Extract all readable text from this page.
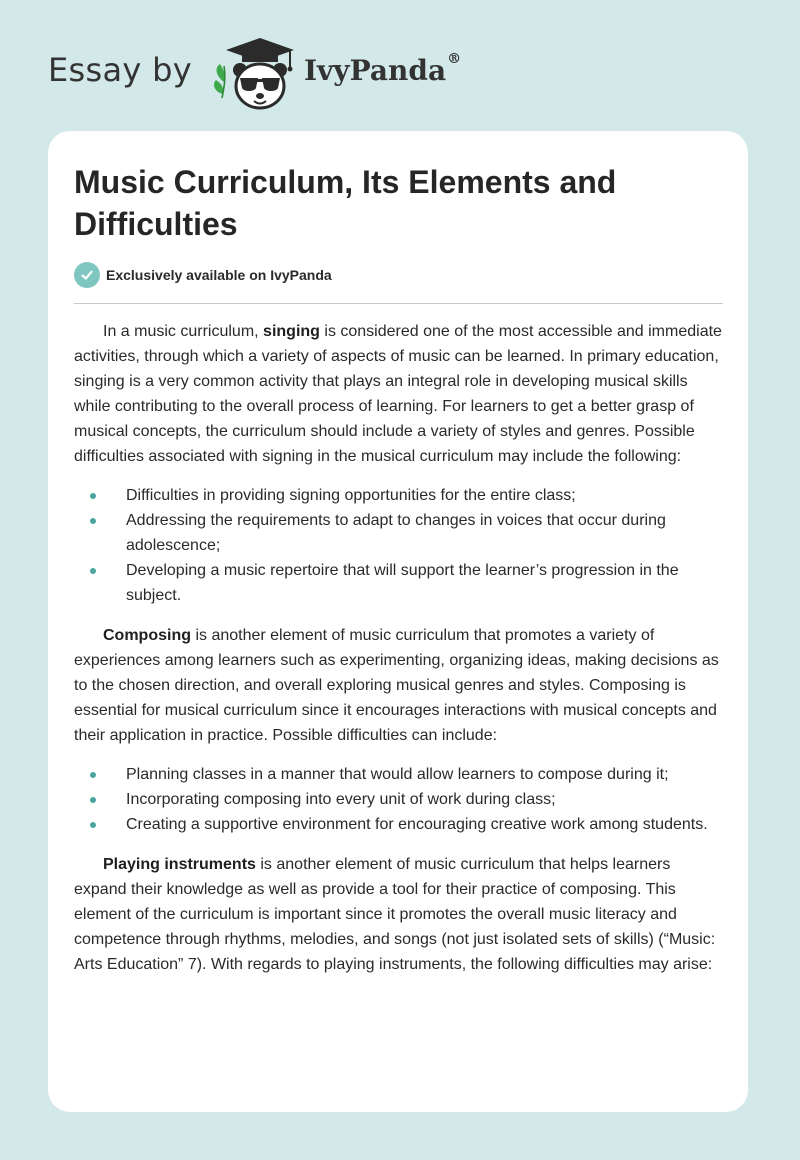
Essay by	IvyPanda®
Music Curriculum, Its Elements and Difficulties
Exclusively available on IvyPanda

In a music curriculum, singing is considered one of the most accessible and immediate activities, through which a variety of aspects of music can be learned. In primary education, singing is a very common activity that plays an integral role in developing musical skills while contributing to the overall process of learning. For learners to get a better grasp of musical concepts, the curriculum should include a variety of styles and genres. Possible difficulties associated with signing in the musical curriculum may include the following:

Difficulties in providing signing opportunities for the entire class;
Addressing the requirements to adapt to changes in voices that occur during adolescence;
Developing a music repertoire that will support the learner’s progression in the subject.

Composing is another element of music curriculum that promotes a variety of experiences among learners such as experimenting, organizing ideas, making decisions as to the chosen direction, and overall exploring musical genres and styles. Composing is essential for musical curriculum since it encourages interactions with musical concepts and their application in practice. Possible difficulties can include:

Planning classes in a manner that would allow learners to compose during it;
Incorporating composing into every unit of work during class;
Creating a supportive environment for encouraging creative work among students.

Playing instruments is another element of music curriculum that helps learners expand their knowledge as well as provide a tool for their practice of composing. This element of the curriculum is important since it promotes the overall music literacy and competence through rhythms, melodies, and songs (not just isolated sets of skills) (“Music: Arts Education” 7). With regards to playing instruments, the following difficulties may arise:
